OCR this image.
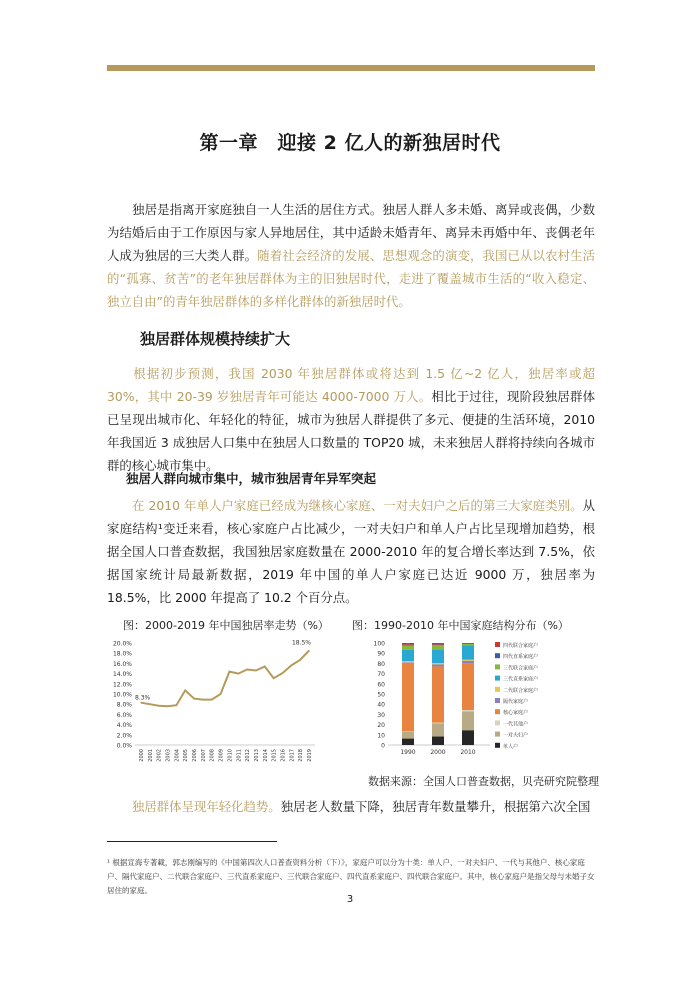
第一章　迎接 2 亿人的新独居时代

独居是指离开家庭独自一人生活的居住方式。独居人群人多未婚、离异或丧偶，少数为结婚后由于工作原因与家人异地居住，其中适龄未婚青年、离异未再婚中年、丧偶老年人成为独居的三大类人群。随着社会经济的发展、思想观念的演变，我国已从以农村生活的“孤寡、贫苦”的老年独居群体为主的旧独居时代，走进了覆盖城市生活的“收入稳定、独立自由”的青年独居群体的多样化群体的新独居时代。

独居群体规模持续扩大

根据初步预测，我国 2030 年独居群体或将达到 1.5 亿~2 亿人，独居率或超 30%，其中 20-39 岁独居青年可能达 4000-7000 万人。相比于过往，现阶段独居群体已呈现出城市化、年轻化的特征，城市为独居人群提供了多元、便捷的生活环境，2010 年我国近 3 成独居人口集中在独居人口数量的 TOP20 城，未来独居人群将持续向各城市群的核心城市集中。

独居人群向城市集中，城市独居青年异军突起

在 2010 年单人户家庭已经成为继核心家庭、一对夫妇户之后的第三大家庭类别。从家庭结构¹变迁来看，核心家庭户占比减少，一对夫妇户和单人户占比呈现增加趋势，根据全国人口普查数据，我国独居家庭数量在 2000-2010 年的复合增长率达到 7.5%，依据国家统计局最新数据，2019 年中国的单人户家庭已达近 9000 万，独居率为 18.5%，比 2000 年提高了 10.2 个百分点。

图：2000-2019 年中国独居率走势（%） 图：1990-2010 年中国家庭结构分布（%）
0.0%
2.0%
4.0%
6.0%
8.0%
10.0%
12.0%
14.0%
16.0%
18.0%
20.0%
2000 2001 2002 2003 2004 2005 2006 2007 2008 2009 2010 2011 2012 2013 2014 2015 2016 2017 2018 2019
8.3%
18.5%
0
10
20
30
40
50
60
70
80
90
100
1990 2000 2010
四代联合家庭户
四代直系家庭户
三代联合家庭户
三代直系家庭户
二代联合家庭户
隔代家庭户
核心家庭户
一代其他户
一对夫妇户
单人户
数据来源：全国人口普查数据，贝壳研究院整理

独居群体呈现年轻化趋势。独居老人数量下降，独居青年数量攀升，根据第六次全国

¹ 根据宣海专著載，郭志刚编写的《中国第四次人口普查资料分析（下）》，家庭户可以分为十类：单人户、一对夫妇户、一代与其他户、核心家庭户、隔代家庭户、二代联合家庭户、三代直系家庭户、三代联合家庭户、四代直系家庭户、四代联合家庭户。其中，核心家庭户是指父母与未婚子女居住的家庭。

3
